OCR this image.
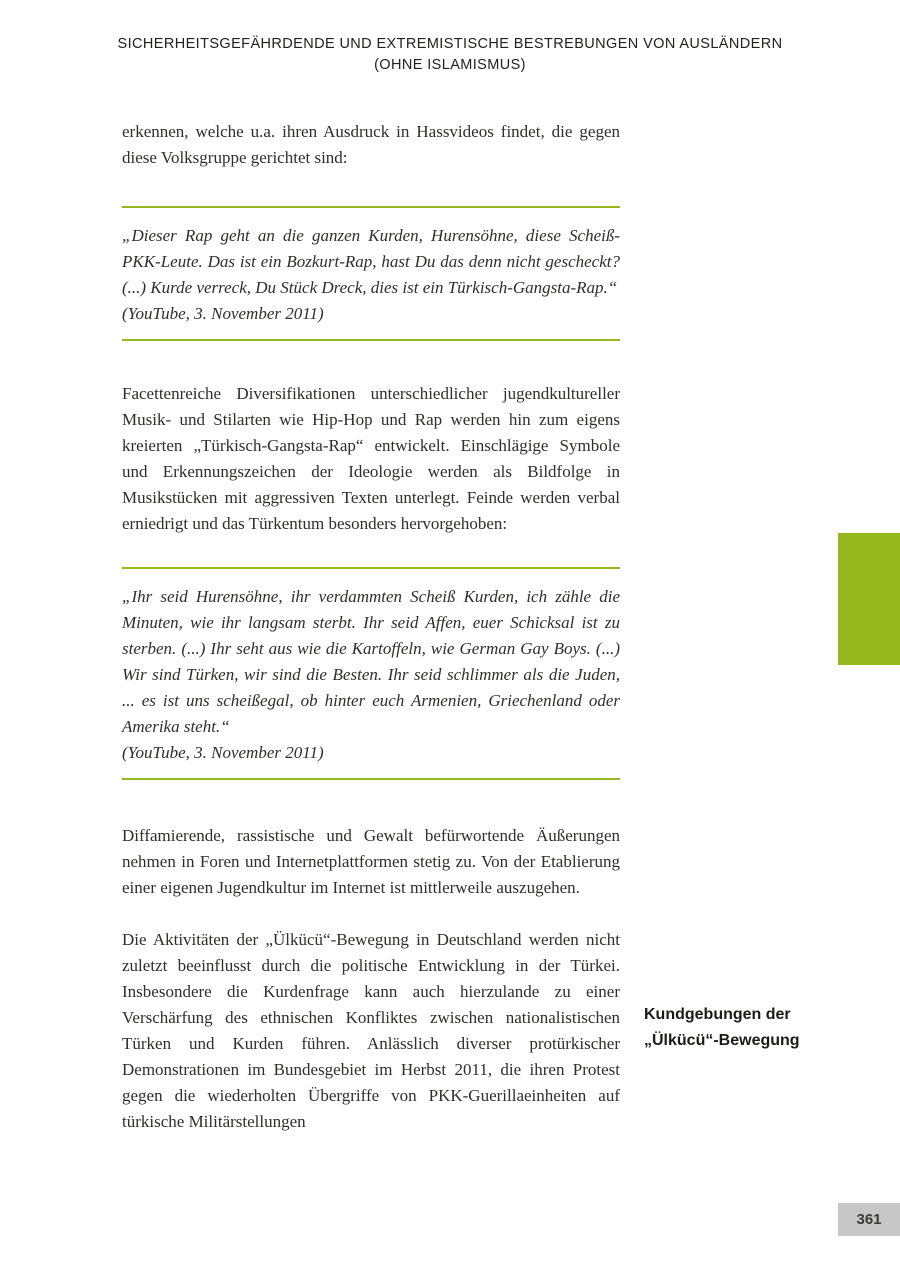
SICHERHEITSGEFÄHRDENDE UND EXTREMISTISCHE BESTREBUNGEN VON AUSLÄNDERN
(OHNE ISLAMISMUS)

erkennen, welche u.a. ihren Ausdruck in Hassvideos findet, die gegen diese Volksgruppe gerichtet sind:

„Dieser Rap geht an die ganzen Kurden, Hurensöhne, diese Scheiß-PKK-Leute. Das ist ein Bozkurt-Rap, hast Du das denn nicht gescheckt? (...) Kurde verreck, Du Stück Dreck, dies ist ein Türkisch-Gangsta-Rap.“

(YouTube, 3. November 2011)

Facettenreiche Diversifikationen unterschiedlicher jugendkultureller Musik- und Stilarten wie Hip-Hop und Rap werden hin zum eigens kreierten „Türkisch-Gangsta-Rap“ entwickelt. Einschlägige Symbole und Erkennungszeichen der Ideologie werden als Bildfolge in Musikstücken mit aggressiven Texten unterlegt. Feinde werden verbal erniedrigt und das Türkentum besonders hervorgehoben:

„Ihr seid Hurensöhne, ihr verdammten Scheiß Kurden, ich zähle die Minuten, wie ihr langsam sterbt. Ihr seid Affen, euer Schicksal ist zu sterben. (...) Ihr seht aus wie die Kartoffeln, wie German Gay Boys. (...) Wir sind Türken, wir sind die Besten. Ihr seid schlimmer als die Juden, ... es ist uns scheißegal, ob hinter euch Armenien, Griechenland oder Amerika steht.“

(YouTube, 3. November 2011)

Diffamierende, rassistische und Gewalt befürwortende Äußerungen nehmen in Foren und Internetplattformen stetig zu. Von der Etablierung einer eigenen Jugendkultur im Internet ist mittlerweile auszugehen.

Die Aktivitäten der „Ülkücü“-Bewegung in Deutschland werden nicht zuletzt beeinflusst durch die politische Entwicklung in der Türkei. Insbesondere die Kurdenfrage kann auch hierzulande zu einer Verschärfung des ethnischen Konfliktes zwischen nationalistischen Türken und Kurden führen. Anlässlich diverser protürkischer Demonstrationen im Bundesgebiet im Herbst 2011, die ihren Protest gegen die wiederholten Übergriffe von PKK-Guerillaeinheiten auf türkische Militärstellungen

Kundgebungen der
„Ülkücü“-Bewegung
361
